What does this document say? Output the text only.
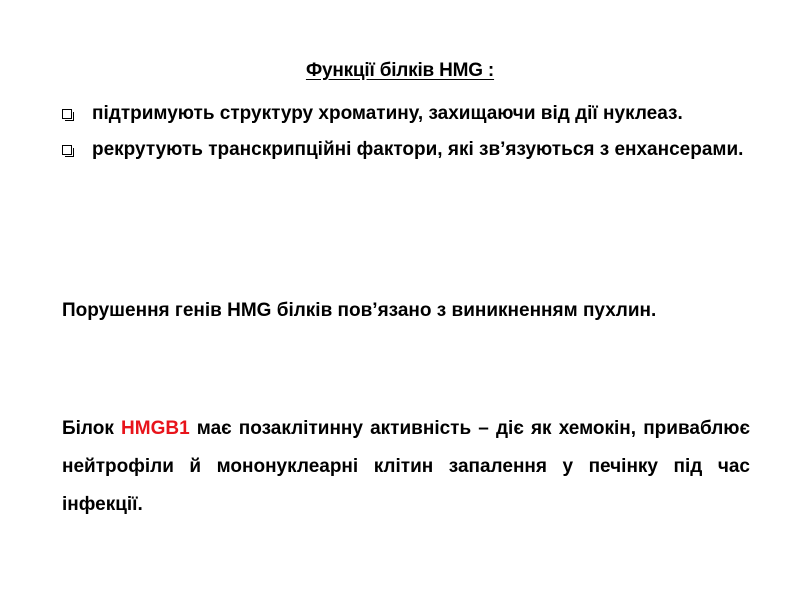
Функції білків HMG :
підтримують структуру хроматину, захищаючи від дії нуклеаз.
рекрутують транскрипційні фактори, які зв’язуються з енхансерами.

Порушення генів HMG білків пов’язано з виникненням пухлин.

Білок HMGB1 має позаклітинну активність – діє як хемокін, приваблює нейтрофіли й мононуклеарні клітин запалення у печінку під час інфекції.
